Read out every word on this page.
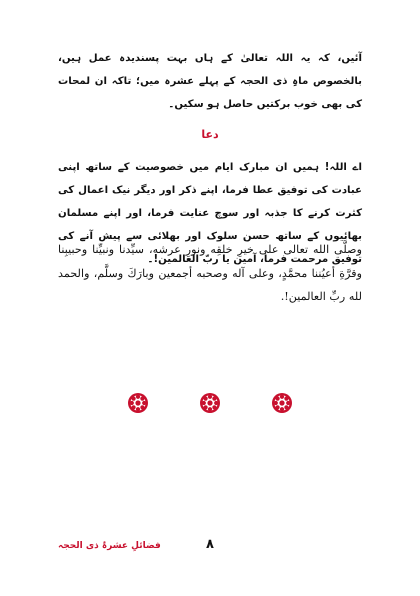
آئیں، کہ یہ اللہ تعالیٰ کے ہاں بہت پسندیدہ عمل ہیں، بالخصوص ماہِ ذی الحجہ کے پہلے عشرہ میں؛ تاکہ ان لمحات کی بھی خوب برکتیں حاصل ہو سکیں۔
دعا
اے اللہ! ہمیں ان مبارک ایام میں خصوصیت کے ساتھ اپنی عبادت کی توفیق عطا فرما، اپنے ذکر اور دیگر نیک اعمال کی کثرت کرنے کا جذبہ اور سوچ عنایت فرما، اور اپنے مسلمان بھائیوں کے ساتھ حسن سلوک اور بھلائی سے پیش آنے کی توفیق مرحمت فرما، آمین یا ربّ العالمین!۔
وصلَّى الله تعالى على خيرِ خلقِه ونورِ عرشه، سيِّدنا ونبيِّنا وحبيبِنا وقرَّةِ أعيُننا محمَّدٍ، وعلى آله وصحبه أجمعين وبارَكَ وسلَّم، والحمد لله ربِّ العالمين!.
فضائلِ عشرۂ ذی الحجہ	۸
